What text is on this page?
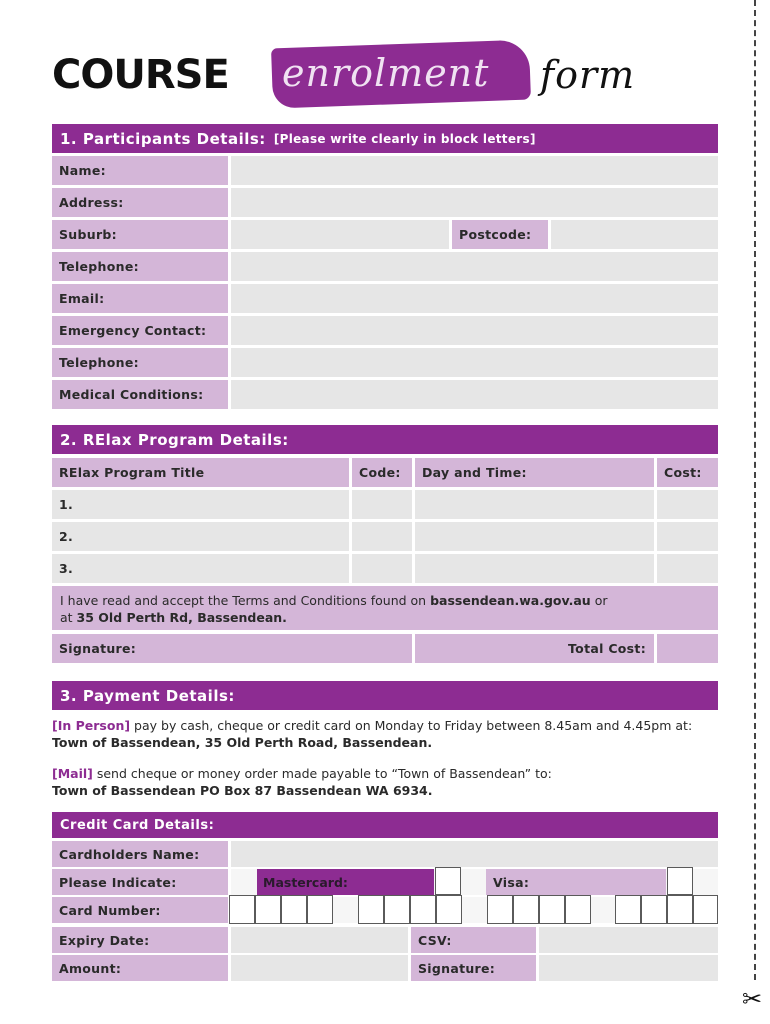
COURSE enrolment form
1. Participants Details: [Please write clearly in block letters]
Name:
Address:
Suburb:	Postcode:
Telephone:
Email:
Emergency Contact:
Telephone:
Medical Conditions:
2. RElax Program Details:
RElax Program Title	Code:	Day and Time:	Cost:
1.
2.
3.
I have read and accept the Terms and Conditions found on bassendean.wa.gov.au or
at 35 Old Perth Rd, Bassendean.
Signature:	Total Cost:
3. Payment Details:
[In Person] pay by cash, cheque or credit card on Monday to Friday between 8.45am and 4.45pm at: Town of Bassendean, 35 Old Perth Road, Bassendean.
[Mail] send cheque or money order made payable to “Town of Bassendean” to:
Town of Bassendean PO Box 87 Bassendean WA 6934.
Credit Card Details:
Cardholders Name:
Please Indicate:	Mastercard:	Visa:
Card Number:
Expiry Date:	CSV:
Amount:	Signature:
✂
